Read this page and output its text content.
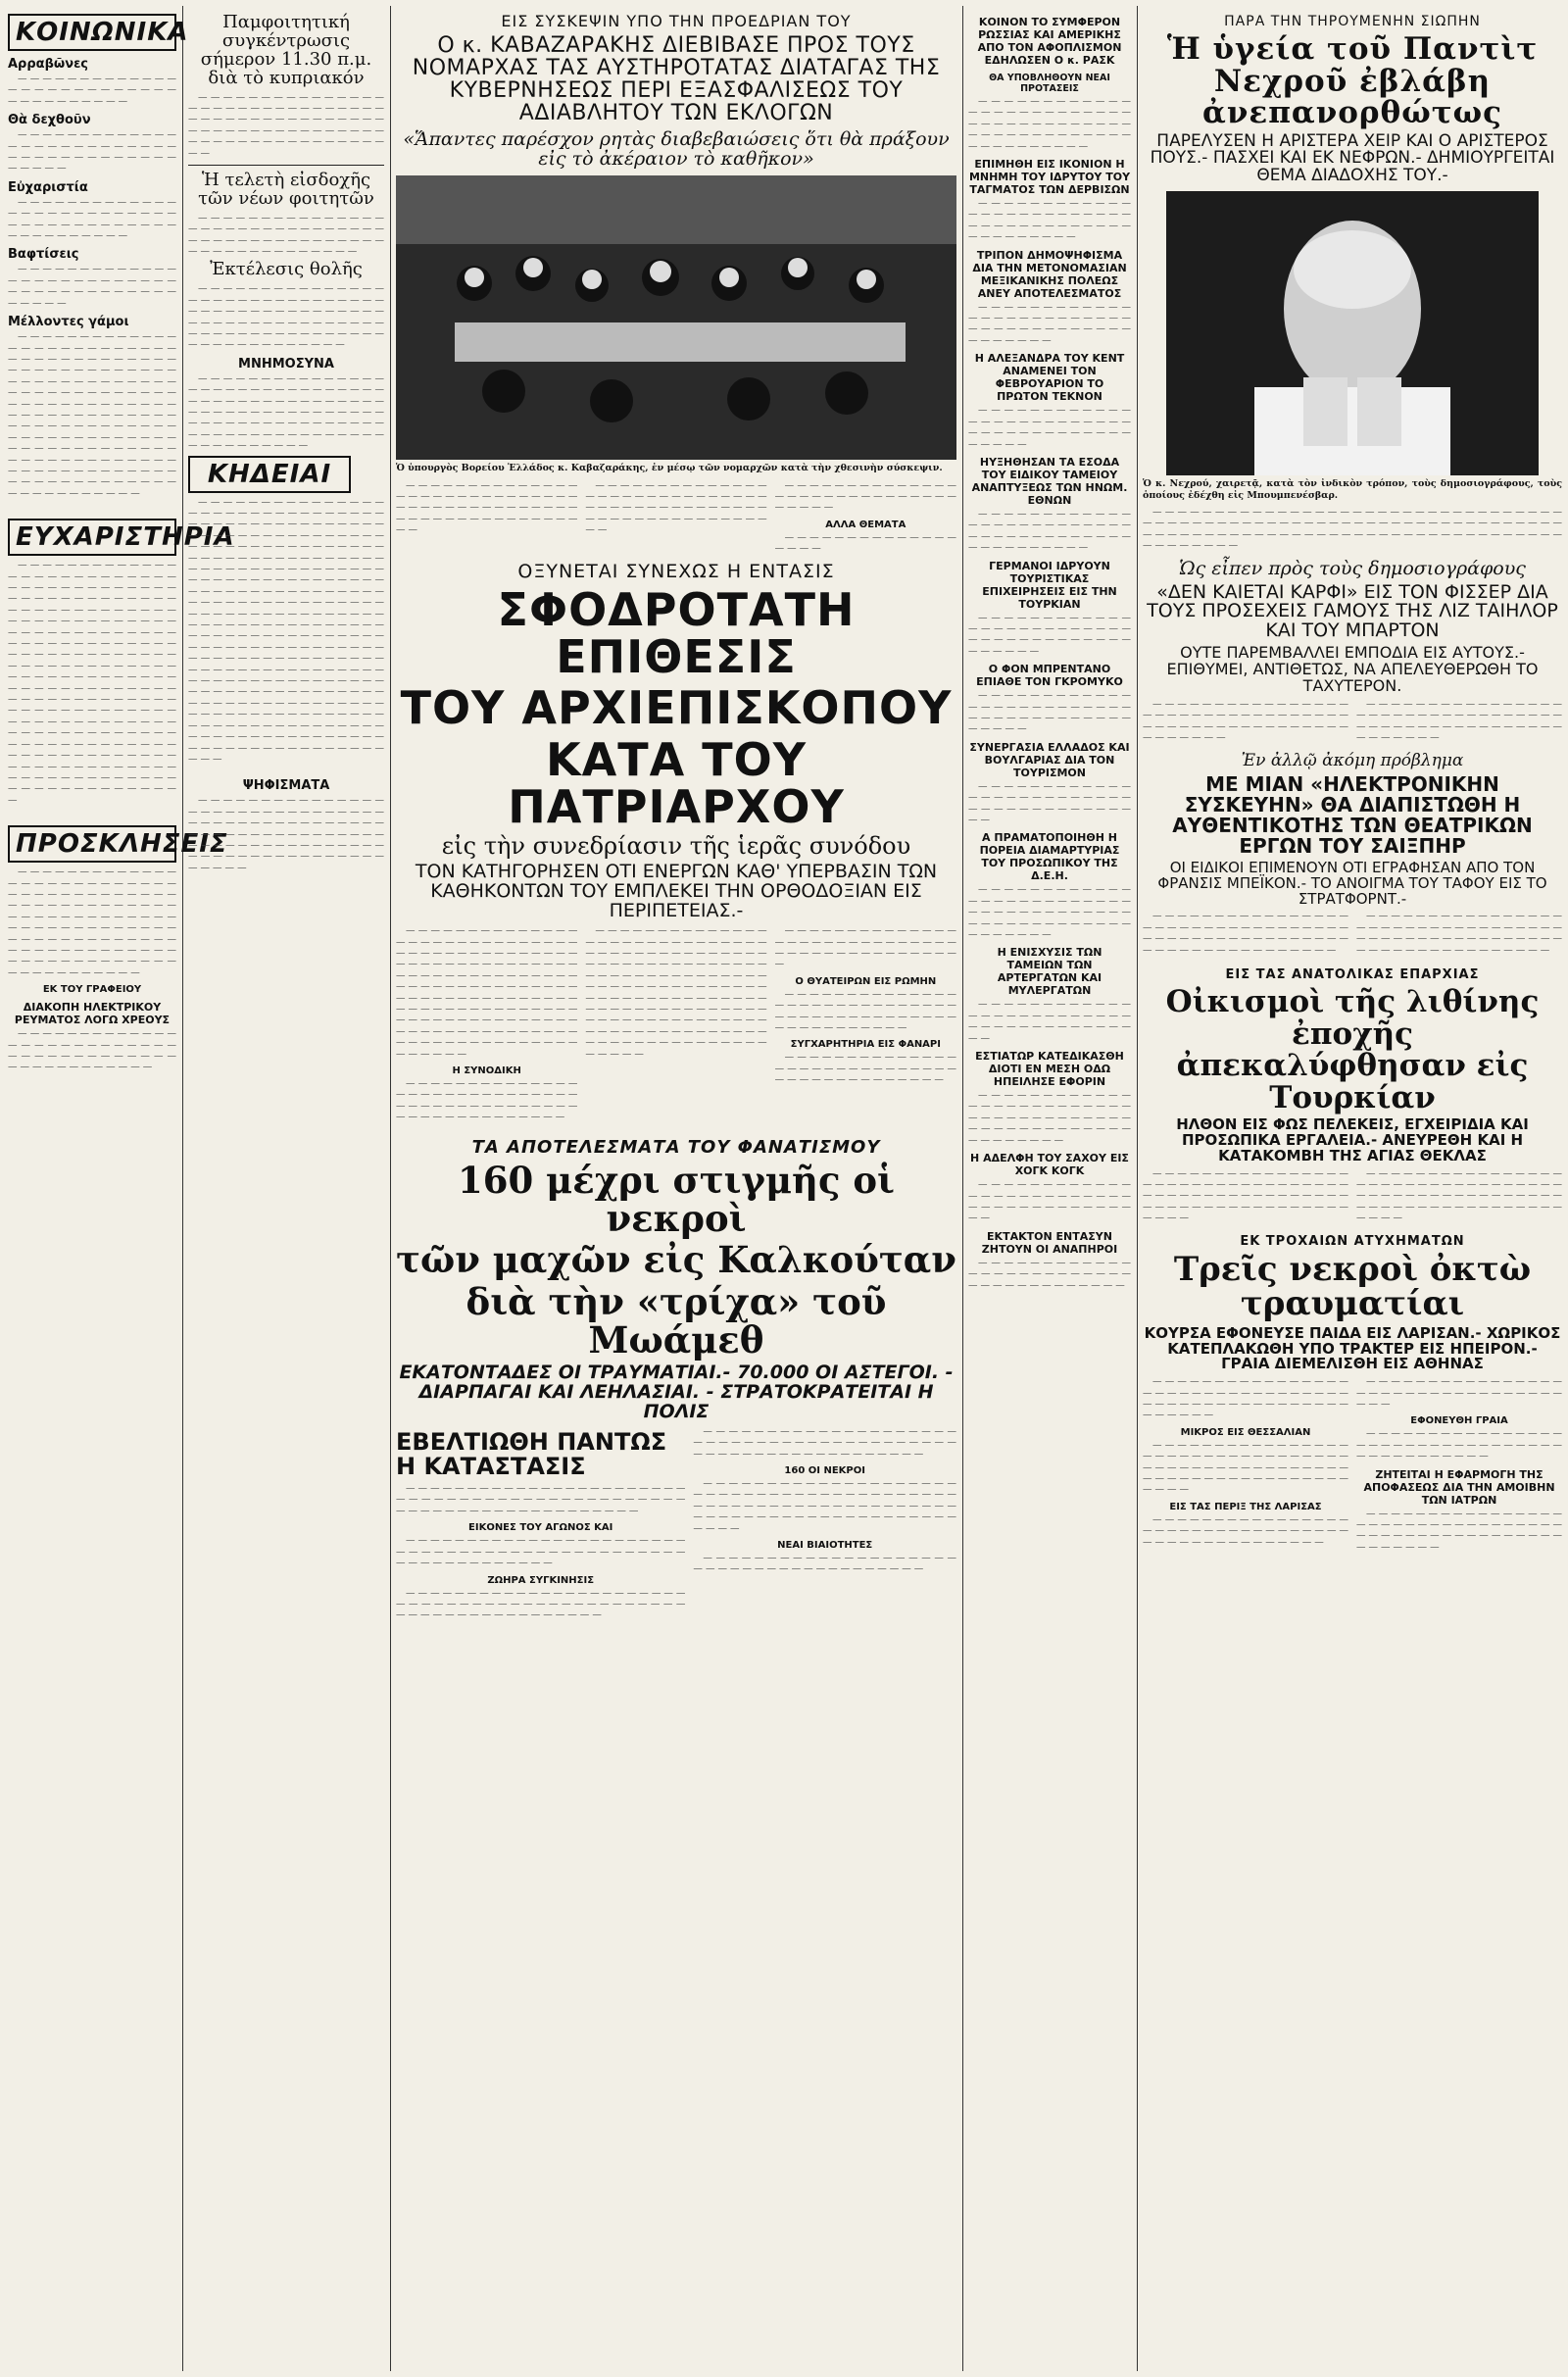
ΚΟΙΝΩΝΙΚΑ
Αρραβῶνες

— — — — — — — — — — — — — — — — — — — — — — — — — — — — — — — — — — — —

Θὰ δεχθοῦν

— — — — — — — — — — — — — — — — — — — — — — — — — — — — — — — — — — — — — — — — — — — —

Εὐχαριστία

— — — — — — — — — — — — — — — — — — — — — — — — — — — — — — — — — — — — — — — — — — — — — — — — —

Βαφτίσεις

— — — — — — — — — — — — — — — — — — — — — — — — — — — — — — — — — — — — — — — — — — — —

Μέλλοντες γάμοι

— — — — — — — — — — — — — — — — — — — — — — — — — — — — — — — — — — — — — — — — — — — — — — — — — — — — — — — — — — — — — — — — — — — — — — — — — — — — — — — — — — — — — — — — — — — — — — — — — — — — — — — — — — — — — — — — — — — — — — — — — — — — — — — — — — — — — — — — — — — — — — — — — — — — — — — — — — — — — — — — — — — — — — — — — — — — — — — — — — — — — — — — — — — — — — — — —

ΕΥΧΑΡΙΣΤΗΡΙΑ

— — — — — — — — — — — — — — — — — — — — — — — — — — — — — — — — — — — — — — — — — — — — — — — — — — — — — — — — — — — — — — — — — — — — — — — — — — — — — — — — — — — — — — — — — — — — — — — — — — — — — — — — — — — — — — — — — — — — — — — — — — — — — — — — — — — — — — — — — — — — — — — — — — — — — — — — — — — — — — — — — — — — — — — — — — — — — — — — — — — — — — — — — — — — — — — — — — — — — — — — — — — — — — — — — — — — — — — — — — — — — — — — — — — — — — — — — — — — — — — — — — — — — — — — — — — — — — — — — — — — — — — — — — — — — — — — — —

ΠΡΟΣΚΛΗΣΕΙΣ

— — — — — — — — — — — — — — — — — — — — — — — — — — — — — — — — — — — — — — — — — — — — — — — — — — — — — — — — — — — — — — — — — — — — — — — — — — — — — — — — — — — — — — — — — — — — — — — — — — — — — — — — — — — — — — — — — — — — — — — — — — — — — — — —

ΕΚ ΤΟΥ ΓΡΑΦΕΙΟΥ
ΔΙΑΚΟΠΗ ΗΛΕΚΤΡΙΚΟΥ ΡΕΥΜΑΤΟΣ ΛΟΓΩ ΧΡΕΟΥΣ

— — — — — — — — — — — — — — — — — — — — — — — — — — — — — — — — — — — — — — — — — — — — — — — — — — —

Παμφοιτητική συγκέντρωσις σήμερον 11.30 π.μ. διὰ τὸ κυπριακόν

— — — — — — — — — — — — — — — — — — — — — — — — — — — — — — — — — — — — — — — — — — — — — — — — — — — — — — — — — — — — — — — — — — — — — — — — — — — — — — — — —

Ἡ τελετὴ εἰσδοχῆς τῶν νέων φοιτητῶν

— — — — — — — — — — — — — — — — — — — — — — — — — — — — — — — — — — — — — — — — — — — — — — — — — — — — — — — — — — — — —

Ἐκτέλεσις θολῆς

— — — — — — — — — — — — — — — — — — — — — — — — — — — — — — — — — — — — — — — — — — — — — — — — — — — — — — — — — — — — — — — — — — — — — — — — — — — — — — — — — — — — — — — — — — — —

ΜΝΗΜΟΣΥΝΑ

— — — — — — — — — — — — — — — — — — — — — — — — — — — — — — — — — — — — — — — — — — — — — — — — — — — — — — — — — — — — — — — — — — — — — — — — — — — — — — — — — — — — — — — — — — — — — — — — — — — — — — — — —

ΚΗΔΕΙΑΙ

— — — — — — — — — — — — — — — — — — — — — — — — — — — — — — — — — — — — — — — — — — — — — — — — — — — — — — — — — — — — — — — — — — — — — — — — — — — — — — — — — — — — — — — — — — — — — — — — — — — — — — — — — — — — — — — — — — — — — — — — — — — — — — — — — — — — — — — — — — — — — — — — — — — — — — — — — — — — — — — — — — — — — — — — — — — — — — — — — — — — — — — — — — — — — — — — — — — — — — — — — — — — — — — — — — — — — — — — — — — — — — — — — — — — — — — — — — — — — — — — — — — — — — — — — — — — — — — — — — — — — — — — — — — — — — — — — — — — — — — — — — — — — — — — — — — — — — — — — — — — — — — — — — — — — — — — — — — — — — — — — — — — — — — — — — — — — — — — — — — — — — — — — — — — — — — — — — — — — — — — — — — — — — — — — —

ΨΗΦΙΣΜΑΤΑ

— — — — — — — — — — — — — — — — — — — — — — — — — — — — — — — — — — — — — — — — — — — — — — — — — — — — — — — — — — — — — — — — — — — — — — — — — — — — — — — — — — — — — — — — — — — — — — — — — — — —

ΕΙΣ ΣΥΣΚΕΨΙΝ ΥΠΟ ΤΗΝ ΠΡΟΕΔΡΙΑΝ ΤΟΥ
Ο κ. ΚΑΒΑΖΑΡΑΚΗΣ ΔΙΕΒΙΒΑΣΕ ΠΡΟΣ ΤΟΥΣ ΝΟΜΑΡΧΑΣ ΤΑΣ ΑΥΣΤΗΡΟΤΑΤΑΣ ΔΙΑΤΑΓΑΣ ΤΗΣ ΚΥΒΕΡΝΗΣΕΩΣ ΠΕΡΙ ΕΞΑΣΦΑΛΙΣΕΩΣ ΤΟΥ ΑΔΙΑΒΛΗΤΟΥ ΤΩΝ ΕΚΛΟΓΩΝ
«Ἅπαντες παρέσχον ρητὰς διαβεβαιώσεις ὅτι θὰ πράξουν εἰς τὸ ἀκέραιον τὸ καθῆκον»
Ὁ ὑπουργὸς Βορείου Ἑλλάδος κ. Καβαζαράκης, ἐν μέσῳ τῶν νομαρχῶν κατὰ τὴν χθεσινὴν σύσκεψιν.

— — — — — — — — — — — — — — — — — — — — — — — — — — — — — — — — — — — — — — — — — — — — — — — — — — — — — — — — — — — — —

— — — — — — — — — — — — — — — — — — — — — — — — — — — — — — — — — — — — — — — — — — — — — — — — — — — — — — — — — — — — —

— — — — — — — — — — — — — — — — — — — — — — — — — — — — — — — — — —

ΑΛΛΑ ΘΕΜΑΤΑ

— — — — — — — — — — — — — — — — — —

ΟΞΥΝΕΤΑΙ ΣΥΝΕΧΩΣ Η ΕΝΤΑΣΙΣ
ΣΦΟΔΡΟΤΑΤΗ ΕΠΙΘΕΣΙΣ
ΤΟΥ ΑΡΧΙΕΠΙΣΚΟΠΟΥ
ΚΑΤΑ ΤΟΥ ΠΑΤΡΙΑΡΧΟΥ
εἰς τὴν συνεδρίασιν τῆς ἱερᾶς συνόδου
ΤΟΝ ΚΑΤΗΓΟΡΗΣΕΝ ΟΤΙ ΕΝΕΡΓΩΝ ΚΑΘ' ΥΠΕΡΒΑΣΙΝ ΤΩΝ ΚΑΘΗΚΟΝΤΩΝ ΤΟΥ ΕΜΠΛΕΚΕΙ ΤΗΝ ΟΡΘΟΔΟΞΙΑΝ ΕΙΣ ΠΕΡΙΠΕΤΕΙΑΣ.-

— — — — — — — — — — — — — — — — — — — — — — — — — — — — — — — — — — — — — — — — — — — — — — — — — — — — — — — — — — — — — — — — — — — — — — — — — — — — — — — — — — — — — — — — — — — — — — — — — — — — — — — — — — — — — — — — — — — — — — — — — — — — — — — — — — — — — — — — — — — — — — — — — — — — — — — — — — — — — — — — — — — — — — — — — —

Η ΣΥΝΟΔΙΚΗ

— — — — — — — — — — — — — — — — — — — — — — — — — — — — — — — — — — — — — — — — — — — — — — — — — — — — — — — — — —

— — — — — — — — — — — — — — — — — — — — — — — — — — — — — — — — — — — — — — — — — — — — — — — — — — — — — — — — — — — — — — — — — — — — — — — — — — — — — — — — — — — — — — — — — — — — — — — — — — — — — — — — — — — — — — — — — — — — — — — — — — — — — — — — — — — — — — — — — — — — — — — — — — — — — — — — — — — — — — — — — — — — — — — — —

— — — — — — — — — — — — — — — — — — — — — — — — — — — — — — — — — — — — — — — — — — — — —

Ο ΘΥΑΤΕΙΡΩΝ ΕΙΣ ΡΩΜΗΝ

— — — — — — — — — — — — — — — — — — — — — — — — — — — — — — — — — — — — — — — — — — — — — — — — — — — — — — —

ΣΥΓΧΑΡΗΤΗΡΙΑ ΕΙΣ ΦΑΝΑΡΙ

— — — — — — — — — — — — — — — — — — — — — — — — — — — — — — — — — — — — — — — — — — —

ΤΑ ΑΠΟΤΕΛΕΣΜΑΤΑ ΤΟΥ ΦΑΝΑΤΙΣΜΟΥ
160 μέχρι στιγμῆς οἱ νεκροὶ
τῶν μαχῶν εἰς Καλκούταν
διὰ τὴν «τρίχα» τοῦ Μωάμεθ
ΕΚΑΤΟΝΤΑΔΕΣ ΟΙ ΤΡΑΥΜΑΤΙΑΙ.- 70.000 ΟΙ ΑΣΤΕΓΟΙ. - ΔΙΑΡΠΑΓΑΙ ΚΑΙ ΛΕΗΛΑΣΙΑΙ. - ΣΤΡΑΤΟΚΡΑΤΕΙΤΑΙ Η ΠΟΛΙΣ
ΕΒΕΛΤΙΩΘΗ ΠΑΝΤΩΣ Η ΚΑΤΑΣΤΑΣΙΣ

— — — — — — — — — — — — — — — — — — — — — — — — — — — — — — — — — — — — — — — — — — — — — — — — — — — — — — — — — — — — — — — — — —

ΕΙΚΟΝΕΣ ΤΟΥ ΑΓΩΝΟΣ ΚΑΙ

— — — — — — — — — — — — — — — — — — — — — — — — — — — — — — — — — — — — — — — — — — — — — — — — — — — — — — — — — — —

ΖΩΗΡΑ ΣΥΓΚΙΝΗΣΙΣ

— — — — — — — — — — — — — — — — — — — — — — — — — — — — — — — — — — — — — — — — — — — — — — — — — — — — — — — — — — — — — — —

— — — — — — — — — — — — — — — — — — — — — — — — — — — — — — — — — — — — — — — — — — — — — — — — — — — — — — — — — — — —

160 ΟΙ ΝΕΚΡΟΙ

— — — — — — — — — — — — — — — — — — — — — — — — — — — — — — — — — — — — — — — — — — — — — — — — — — — — — — — — — — — — — — — — — — — — — — — — — — — — — — — — — — — — — — —

ΝΕΑΙ ΒΙΑΙΟΤΗΤΕΣ

— — — — — — — — — — — — — — — — — — — — — — — — — — — — — — — — — — — — — — —

ΚΟΙΝΟΝ ΤΟ ΣΥΜΦΕΡΟΝ ΡΩΣΣΙΑΣ ΚΑΙ ΑΜΕΡΙΚΗΣ ΑΠΟ ΤΟΝ ΑΦΟΠΛΙΣΜΟΝ ΕΔΗΛΩΣΕΝ Ο κ. ΡΑΣΚ
ΘΑ ΥΠΟΒΛΗΘΟΥΝ ΝΕΑΙ ΠΡΟΤΑΣΕΙΣ

— — — — — — — — — — — — — — — — — — — — — — — — — — — — — — — — — — — — — — — — — — — — — — — — — — — — — — — — — — — — —

ΕΠΙΜΗΘΗ ΕΙΣ ΙΚΟΝΙΟΝ Η ΜΝΗΜΗ ΤΟΥ ΙΔΡΥΤΟΥ ΤΟΥ ΤΑΓΜΑΤΟΣ ΤΩΝ ΔΕΡΒΙΣΩΝ

— — — — — — — — — — — — — — — — — — — — — — — — — — — — — — — — — — — — — — — — — — — — — — —

ΤΡΙΠΟΝ ΔΗΜΟΨΗΦΙΣΜΑ ΔΙΑ ΤΗΝ ΜΕΤΟΝΟΜΑΣΙΑΝ ΜΕΞΙΚΑΝΙΚΗΣ ΠΟΛΕΩΣ ΑΝΕΥ ΑΠΟΤΕΛΕΣΜΑΤΟΣ

— — — — — — — — — — — — — — — — — — — — — — — — — — — — — — — — — — — — — — — — — — — — —

Η ΑΛΕΞΑΝΔΡΑ ΤΟΥ ΚΕΝΤ ΑΝΑΜΕΝΕΙ ΤΟΝ ΦΕΒΡΟΥΑΡΙΟΝ ΤΟ ΠΡΩΤΟΝ ΤΕΚΝΟΝ

— — — — — — — — — — — — — — — — — — — — — — — — — — — — — — — — — — — — — — — — — — —

ΗΥΞΗΘΗΣΑΝ ΤΑ ΕΣΟΔΑ ΤΟΥ ΕΙΔΙΚΟΥ ΤΑΜΕΙΟΥ ΑΝΑΠΤΥΞΕΩΣ ΤΩΝ ΗΝΩΜ. ΕΘΝΩΝ

— — — — — — — — — — — — — — — — — — — — — — — — — — — — — — — — — — — — — — — — — — — — — — — —

ΓΕΡΜΑΝΟΙ ΙΔΡΥΟΥΝ ΤΟΥΡΙΣΤΙΚΑΣ ΕΠΙΧΕΙΡΗΣΕΙΣ ΕΙΣ ΤΗΝ ΤΟΥΡΚΙΑΝ

— — — — — — — — — — — — — — — — — — — — — — — — — — — — — — — — — — — — — — — — — — — —

Ο ΦΟΝ ΜΠΡΕΝΤΑΝΟ ΕΠΙΑΘΕ ΤΟΝ ΓΚΡΟΜΥΚΟ

— — — — — — — — — — — — — — — — — — — — — — — — — — — — — — — — — — — — — — — — — — —

ΣΥΝΕΡΓΑΣΙΑ ΕΛΛΑΔΟΣ ΚΑΙ ΒΟΥΛΓΑΡΙΑΣ ΔΙΑ ΤΟΝ ΤΟΥΡΙΣΜΟΝ

— — — — — — — — — — — — — — — — — — — — — — — — — — — — — — — — — — — — — — — —

Α ΠΡΑΜΑΤΟΠΟΙΗΘΗ Η ΠΟΡΕΙΑ ΔΙΑΜΑΡΤΥΡΙΑΣ ΤΟΥ ΠΡΟΣΩΠΙΚΟΥ ΤΗΣ Δ.Ε.Η.

— — — — — — — — — — — — — — — — — — — — — — — — — — — — — — — — — — — — — — — — — — — — — — — — — — — — — — — — — —

Η ΕΝΙΣΧΥΣΙΣ ΤΩΝ ΤΑΜΕΙΩΝ ΤΩΝ ΑΡΤΕΡΓΑΤΩΝ ΚΑΙ ΜΥΛΕΡΓΑΤΩΝ

— — — — — — — — — — — — — — — — — — — — — — — — — — — — — — — — — — — — — — — —

ΕΣΤΙΑΤΩΡ ΚΑΤΕΔΙΚΑΣΘΗ ΔΙΟΤΙ ΕΝ ΜΕΣΗ ΟΔΩ ΗΠΕΙΛΗΣΕ ΕΦΟΡΙΝ

— — — — — — — — — — — — — — — — — — — — — — — — — — — — — — — — — — — — — — — — — — — — — — — — — — — — — — — — — — —

Η ΑΔΕΛΦΗ ΤΟΥ ΣΑΧΟΥ ΕΙΣ ΧΟΓΚ ΚΟΓΚ

— — — — — — — — — — — — — — — — — — — — — — — — — — — — — — — — — — — — — — — —

ΕΚΤΑΚΤΟΝ ΕΝΤΑΣΥΝ ΖΗΤΟΥΝ ΟΙ ΑΝΑΠΗΡΟΙ

— — — — — — — — — — — — — — — — — — — — — — — — — — — — — — — — — — — — — —

ΠΑΡΑ ΤΗΝ ΤΗΡΟΥΜΕΝΗΝ ΣΙΩΠΗΝ
Ἡ ὑγεία τοῦ Παντὶτ Νεχροῦ ἐβλάβη ἀνεπανορθώτως
ΠΑΡΕΛΥΣΕΝ Η ΑΡΙΣΤΕΡΑ ΧΕΙΡ ΚΑΙ Ο ΑΡΙΣΤΕΡΟΣ ΠΟΥΣ.- ΠΑΣΧΕΙ ΚΑΙ ΕΚ ΝΕΦΡΩΝ.- ΔΗΜΙΟΥΡΓΕΙΤΑΙ ΘΕΜΑ ΔΙΑΔΟΧΗΣ ΤΟΥ.-
Ὁ κ. Νεχρού, χαιρετᾷ, κατὰ τὸν ἰνδικὸν τρόπον, τοὺς δημοσιογράφους, τοὺς ὁποίους ἐδέχθη εἰς Μπουμπενέσβαρ.

— — — — — — — — — — — — — — — — — — — — — — — — — — — — — — — — — — — — — — — — — — — — — — — — — — — — — — — — — — — — — — — — — — — — — — — — — — — — — — — — — — — — — — — — — — — — — — — — — — — — — — — — — — — — —

Ὡς εἶπεν πρὸς τοὺς δημοσιογράφους
«ΔΕΝ ΚΑΙΕΤΑΙ ΚΑΡΦΙ» ΕΙΣ ΤΟΝ ΦΙΣΣΕΡ ΔΙΑ ΤΟΥΣ ΠΡΟΣΕΧΕΙΣ ΓΑΜΟΥΣ ΤΗΣ ΛΙΖ ΤΑΙΗΛΟΡ ΚΑΙ ΤΟΥ ΜΠΑΡΤΟΝ
ΟΥΤΕ ΠΑΡΕΜΒΑΛΛΕΙ ΕΜΠΟΔΙΑ ΕΙΣ ΑΥΤΟΥΣ.- ΕΠΙΘΥΜΕΙ, ΑΝΤΙΘΕΤΩΣ, ΝΑ ΑΠΕΛΕΥΘΕΡΩΘΗ ΤΟ ΤΑΧΥΤΕΡΟΝ.

— — — — — — — — — — — — — — — — — — — — — — — — — — — — — — — — — — — — — — — — — — — — — — — — — — — — — — — — —

— — — — — — — — — — — — — — — — — — — — — — — — — — — — — — — — — — — — — — — — — — — — — — — — — — — — — — — — —

Ἐν ἀλλῷ ἀκόμη πρόβλημα
ΜΕ ΜΙΑΝ «ΗΛΕΚΤΡΟΝΙΚΗΝ ΣΥΣΚΕΥΗΝ» ΘΑ ΔΙΑΠΙΣΤΩΘΗ Η ΑΥΘΕΝΤΙΚΟΤΗΣ ΤΩΝ ΘΕΑΤΡΙΚΩΝ ΕΡΓΩΝ ΤΟΥ ΣΑΙΞΠΗΡ
ΟΙ ΕΙΔΙΚΟΙ ΕΠΙΜΕΝΟΥΝ ΟΤΙ ΕΓΡΑΦΗΣΑΝ ΑΠΟ ΤΟΝ ΦΡΑΝΣΙΣ ΜΠΕΪΚΟΝ.- ΤΟ ΑΝΟΙΓΜΑ ΤΟΥ ΤΑΦΟΥ ΕΙΣ ΤΟ ΣΤΡΑΤΦΟΡΝΤ.-

— — — — — — — — — — — — — — — — — — — — — — — — — — — — — — — — — — — — — — — — — — — — — — — — — — — — — — — — — — — — — — — — — —

— — — — — — — — — — — — — — — — — — — — — — — — — — — — — — — — — — — — — — — — — — — — — — — — — — — — — — — — — — — — — — — — — —

ΕΙΣ ΤΑΣ ΑΝΑΤΟΛΙΚΑΣ ΕΠΑΡΧΙΑΣ
Οἰκισμοὶ τῆς λιθίνης ἐποχῆς ἀπεκαλύφθησαν εἰς Τουρκίαν
ΗΛΘΟΝ ΕΙΣ ΦΩΣ ΠΕΛΕΚΕΙΣ, ΕΓΧΕΙΡΙΔΙΑ ΚΑΙ ΠΡΟΣΩΠΙΚΑ ΕΡΓΑΛΕΙΑ.- ΑΝΕΥΡΕΘΗ ΚΑΙ Η ΚΑΤΑΚΟΜΒΗ ΤΗΣ ΑΓΙΑΣ ΘΕΚΛΑΣ

— — — — — — — — — — — — — — — — — — — — — — — — — — — — — — — — — — — — — — — — — — — — — — — — — — — — — — — — — — — — — — — — — — — — — — —

— — — — — — — — — — — — — — — — — — — — — — — — — — — — — — — — — — — — — — — — — — — — — — — — — — — — — — — — — — — — — — — — — — — — — — —

ΕΚ ΤΡΟΧΑΙΩΝ ΑΤΥΧΗΜΑΤΩΝ
Τρεῖς νεκροὶ ὀκτὼ τραυματίαι
ΚΟΥΡΣΑ ΕΦΟΝΕΥΣΕ ΠΑΙΔΑ ΕΙΣ ΛΑΡΙΣΑΝ.- ΧΩΡΙΚΟΣ ΚΑΤΕΠΛΑΚΩΘΗ ΥΠΟ ΤΡΑΚΤΕΡ ΕΙΣ ΗΠΕΙΡΟΝ.- ΓΡΑΙΑ ΔΙΕΜΕΛΙΣΘΗ ΕΙΣ ΑΘΗΝΑΣ

— — — — — — — — — — — — — — — — — — — — — — — — — — — — — — — — — — — — — — — — — — — — — — — — — — — — — — — —

ΜΙΚΡΟΣ ΕΙΣ ΘΕΣΣΑΛΙΑΝ

— — — — — — — — — — — — — — — — — — — — — — — — — — — — — — — — — — — — — — — — — — — — — — — — — — — — — — — — — — — — — — — — — — — — — — —

ΕΙΣ ΤΑΣ ΠΕΡΙΞ ΤΗΣ ΛΑΡΙΣΑΣ

— — — — — — — — — — — — — — — — — — — — — — — — — — — — — — — — — — — — — — — — — — — — — — — —

— — — — — — — — — — — — — — — — — — — — — — — — — — — — — — — — — — — —

ΕΦΟΝΕΥΘΗ ΓΡΑΙΑ

— — — — — — — — — — — — — — — — — — — — — — — — — — — — — — — — — — — — — — — — — — — —

ΖΗΤΕΙΤΑΙ Η ΕΦΑΡΜΟΓΗ ΤΗΣ ΑΠΟΦΑΣΕΩΣ ΔΙΑ ΤΗΝ ΑΜΟΙΒΗΝ ΤΩΝ ΙΑΤΡΩΝ

— — — — — — — — — — — — — — — — — — — — — — — — — — — — — — — — — — — — — — — — — — — — — — — — — — — — — — — — —
